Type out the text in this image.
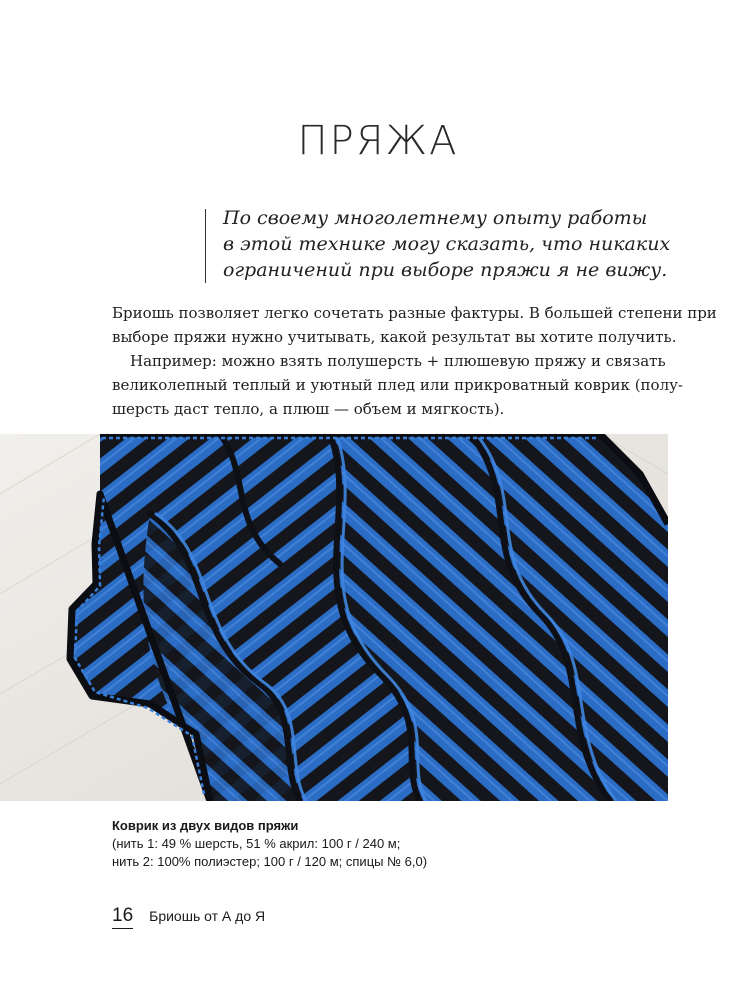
ПРЯЖА
По своему многолетнему опыту работы
в этой технике могу сказать, что никаких
ограничений при выборе пряжи я не вижу.

Бриошь позволяет легко сочетать разные фактуры. В большей степени при
выборе пряжи нужно учитывать, какой результат вы хотите получить.

Например: можно взять полушерсть + плюшевую пряжу и связать
великолепный теплый и уютный плед или прикроватный коврик (полу-
шерсть даст тепло, а плюш — объем и мягкость).

Коврик из двух видов пряжи
(нить 1: 49 % шерсть, 51 % акрил: 100 г / 240 м;
нить 2: 100% полиэстер; 100 г / 120 м; спицы № 6,0)
16 Бриошь от А до Я
